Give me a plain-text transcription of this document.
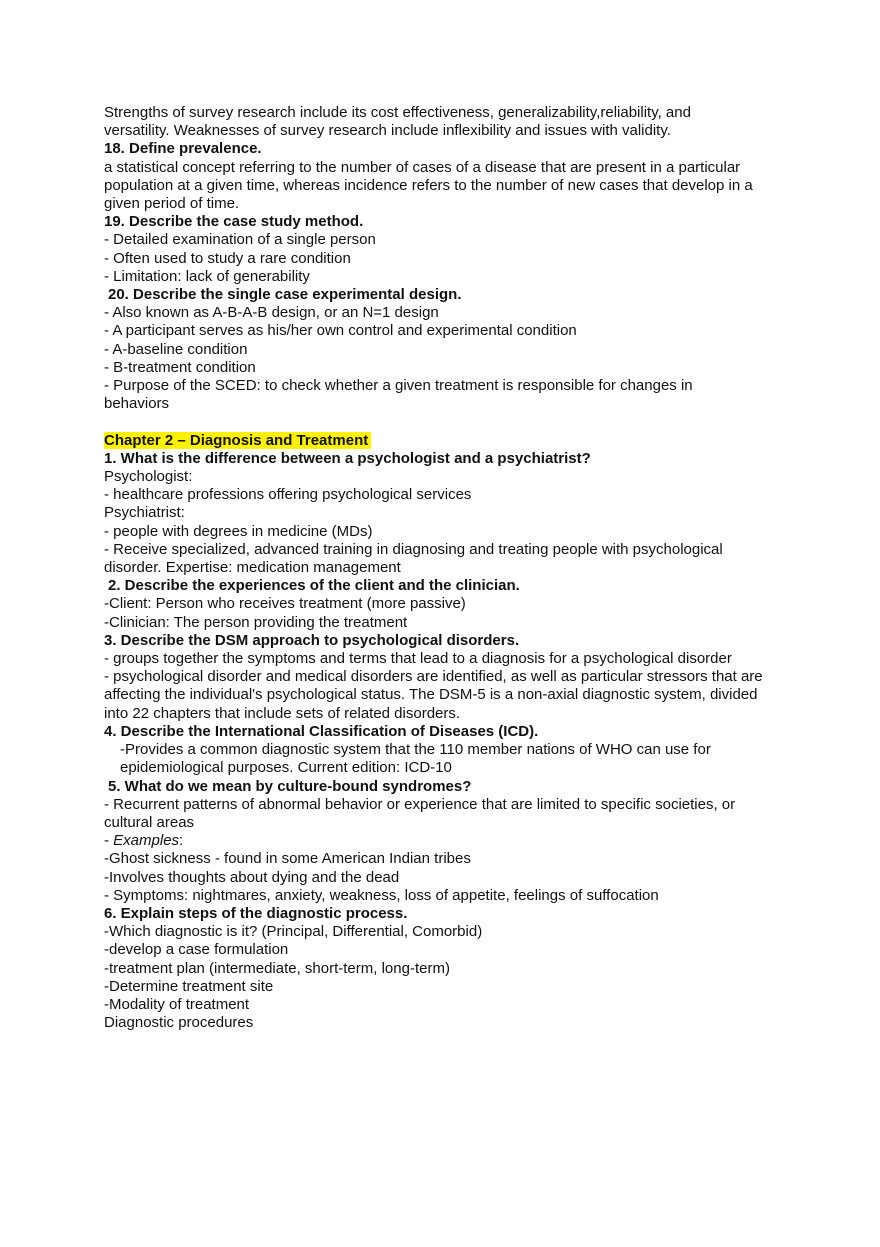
Strengths of survey research include its cost effectiveness, generalizability,reliability, and
versatility. Weaknesses of survey research include inflexibility and issues with validity.
18. Define prevalence.
a statistical concept referring to the number of cases of a disease that are present in a particular population at a given time, whereas incidence refers to the number of new cases that develop in a given period of time.
19. Describe the case study method.
- Detailed examination of a single person
- Often used to study a rare condition
- Limitation: lack of generability
20. Describe the single case experimental design.
- Also known as A-B-A-B design, or an N=1 design
- A participant serves as his/her own control and experimental condition
- A-baseline condition
- B-treatment condition
- Purpose of the SCED: to check whether a given treatment is responsible for changes in behaviors
Chapter 2 – Diagnosis and Treatment
1. What is the difference between a psychologist and a psychiatrist?
Psychologist:
- healthcare professions offering psychological services
Psychiatrist:
- people with degrees in medicine (MDs)
- Receive specialized, advanced training in diagnosing and treating people with psychological disorder. Expertise: medication management
2. Describe the experiences of the client and the clinician.
-Client: Person who receives treatment (more passive)
-Clinician: The person providing the treatment
3. Describe the DSM approach to psychological disorders.
- groups together the symptoms and terms that lead to a diagnosis for a psychological disorder
- psychological disorder and medical disorders are identified, as well as particular stressors that are affecting the individual's psychological status. The DSM-5 is a non-axial diagnostic system, divided into 22 chapters that include sets of related disorders.
4. Describe the International Classification of Diseases (ICD).
-Provides a common diagnostic system that the 110 member nations of WHO can use for epidemiological purposes. Current edition: ICD-10
5. What do we mean by culture-bound syndromes?
- Recurrent patterns of abnormal behavior or experience that are limited to specific societies, or cultural areas
- Examples:
-Ghost sickness - found in some American Indian tribes
-Involves thoughts about dying and the dead
- Symptoms: nightmares, anxiety, weakness, loss of appetite, feelings of suffocation
6. Explain steps of the diagnostic process.
-Which diagnostic is it? (Principal, Differential, Comorbid)
-develop a case formulation
-treatment plan (intermediate, short-term, long-term)
-Determine treatment site
-Modality of treatment
Diagnostic procedures
